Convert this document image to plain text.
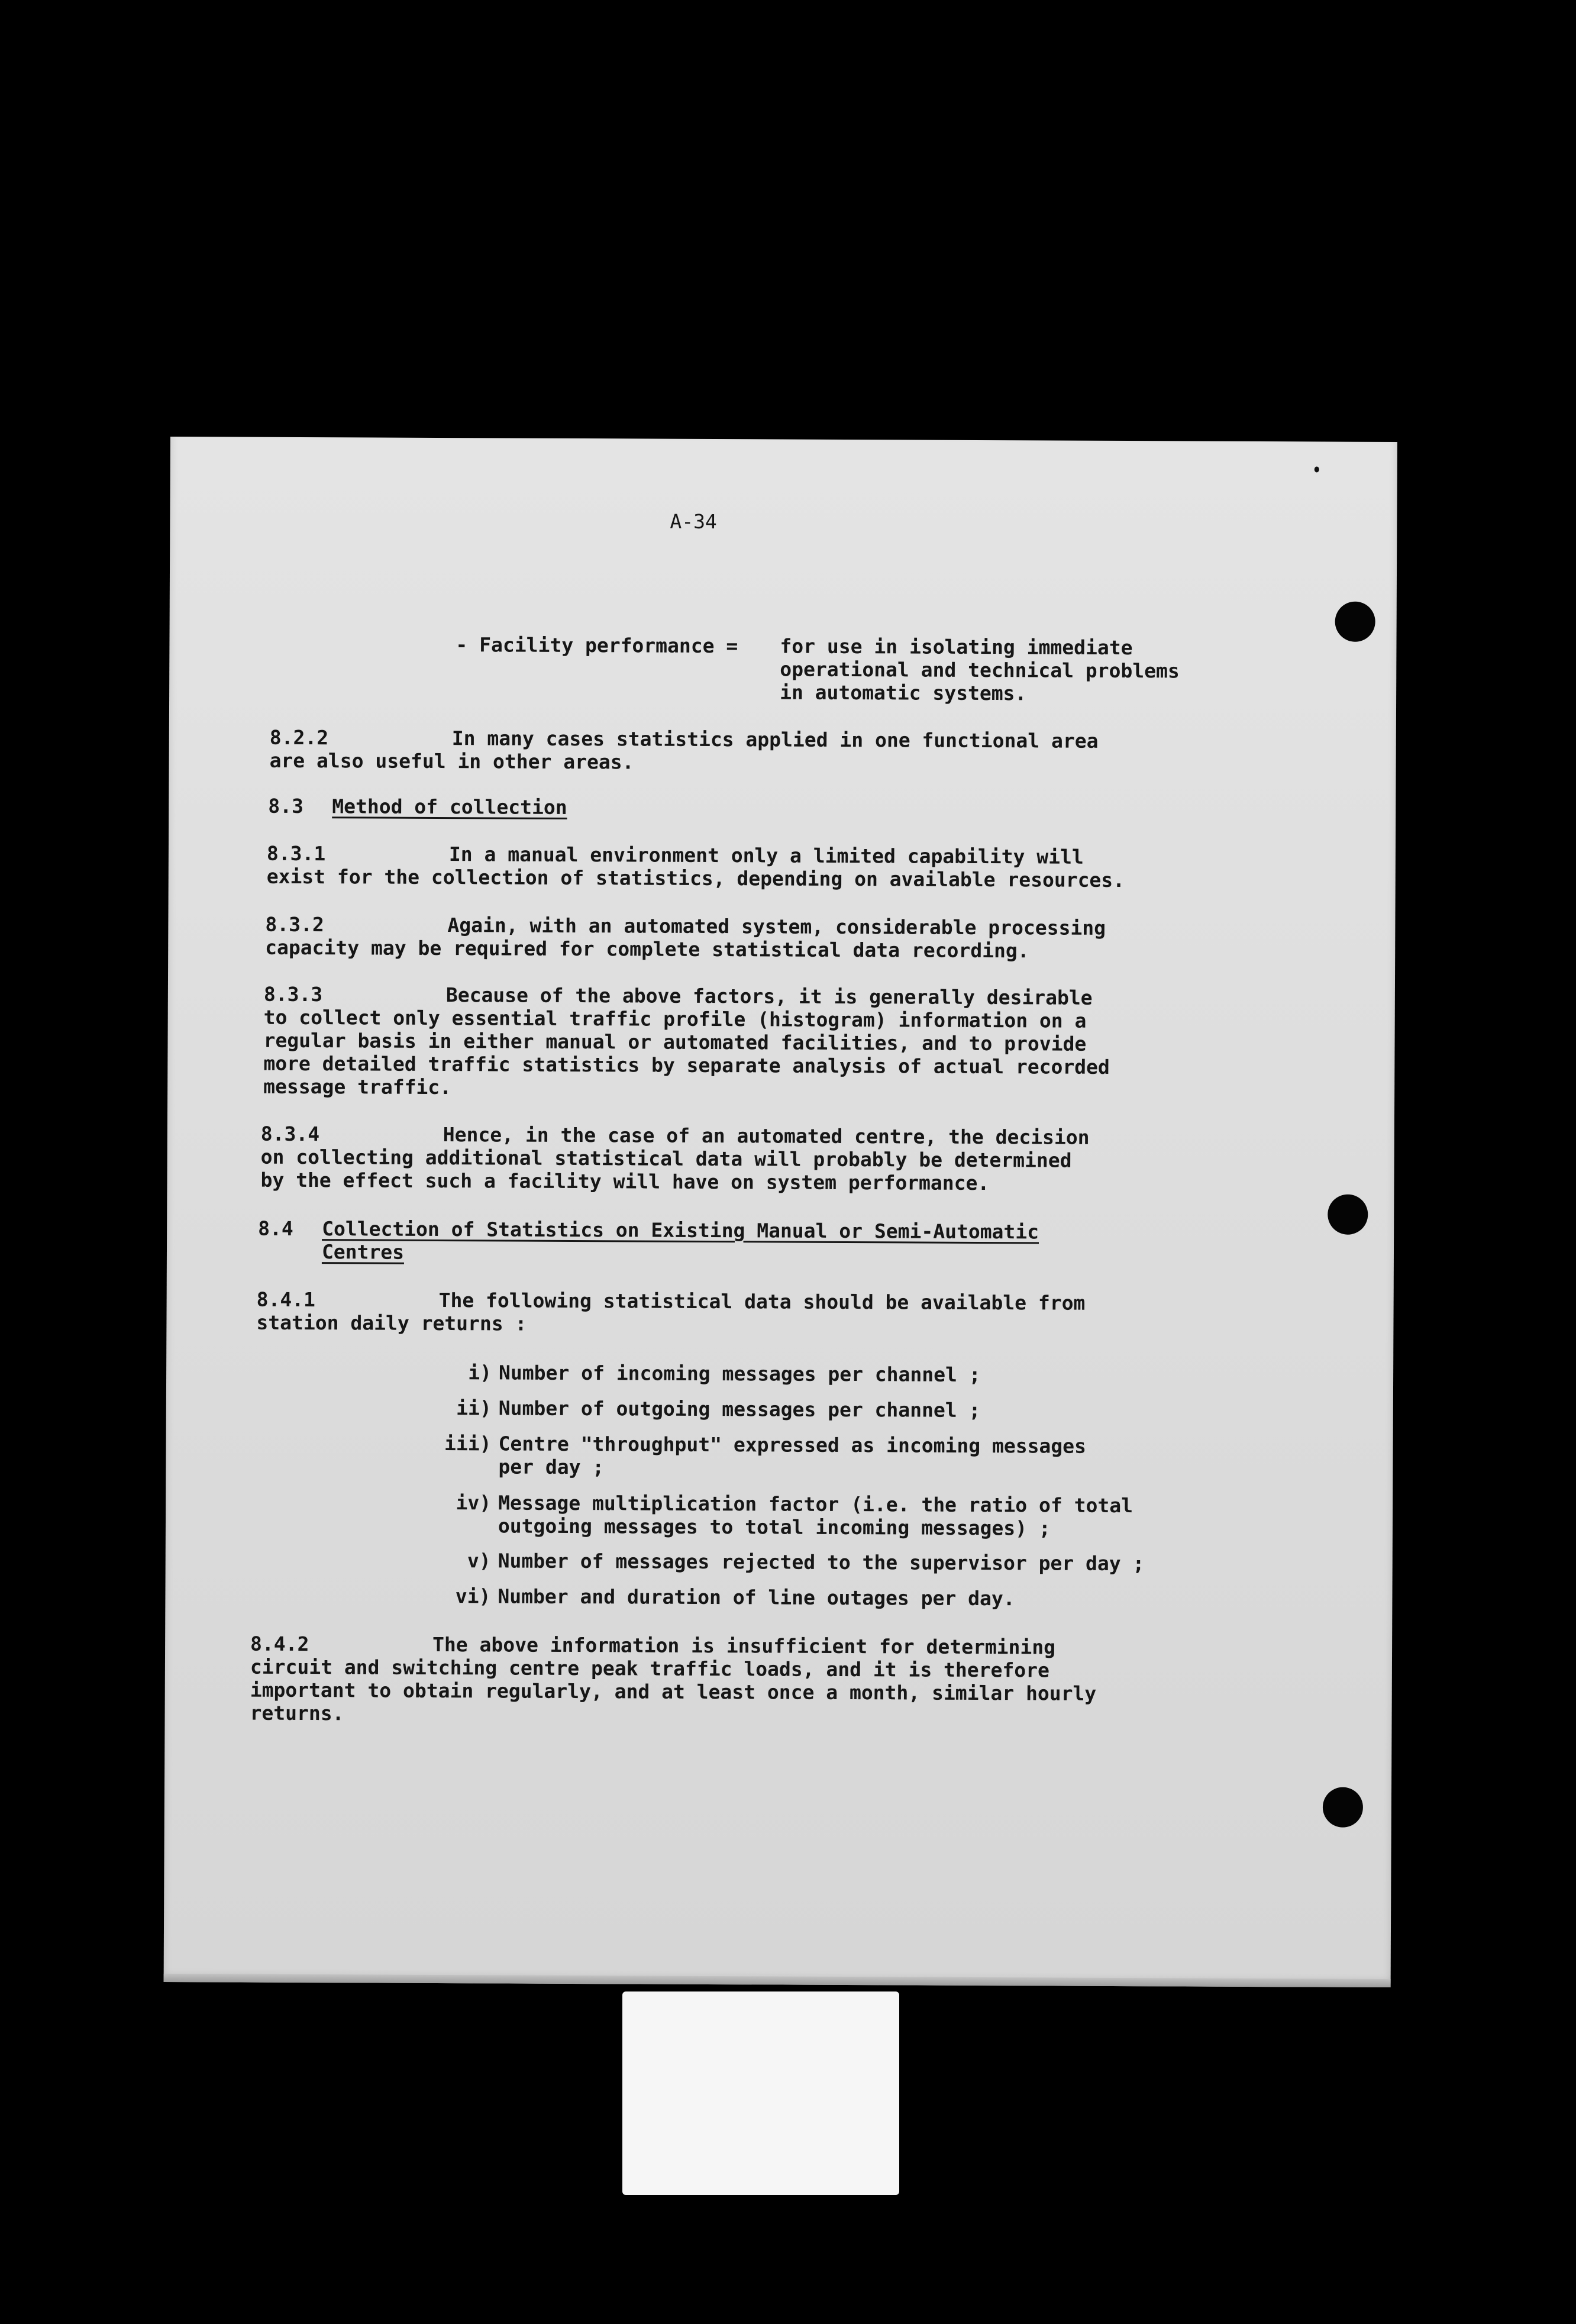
A-34
- Facility performance = for use in isolating immediate
operational and technical problems
in automatic systems.
8.2.2	In many cases statistics applied in one functional area
are also useful in other areas.
8.3 Method of collection
8.3.1	In a manual environment only a limited capability will
exist for the collection of statistics, depending on available resources.
8.3.2	Again, with an automated system, considerable processing
capacity may be required for complete statistical data recording.
8.3.3	Because of the above factors, it is generally desirable
to collect only essential traffic profile (histogram) information on a
regular basis in either manual or automated facilities, and to provide
more detailed traffic statistics by separate analysis of actual recorded
message traffic.
8.3.4	Hence, in the case of an automated centre, the decision
on collecting additional statistical data will probably be determined
by the effect such a facility will have on system performance.
8.4 Collection of Statistics on Existing Manual or Semi-Automatic
Centres
8.4.1	The following statistical data should be available from
station daily returns :
i) Number of incoming messages per channel ;
ii) Number of outgoing messages per channel ;
iii) Centre "throughput" expressed as incoming messages
per day ;
iv) Message multiplication factor (i.e. the ratio of total
outgoing messages to total incoming messages) ;
v) Number of messages rejected to the supervisor per day ;
vi) Number and duration of line outages per day.
8.4.2	The above information is insufficient for determining
circuit and switching centre peak traffic loads, and it is therefore
important to obtain regularly, and at least once a month, similar hourly
returns.
